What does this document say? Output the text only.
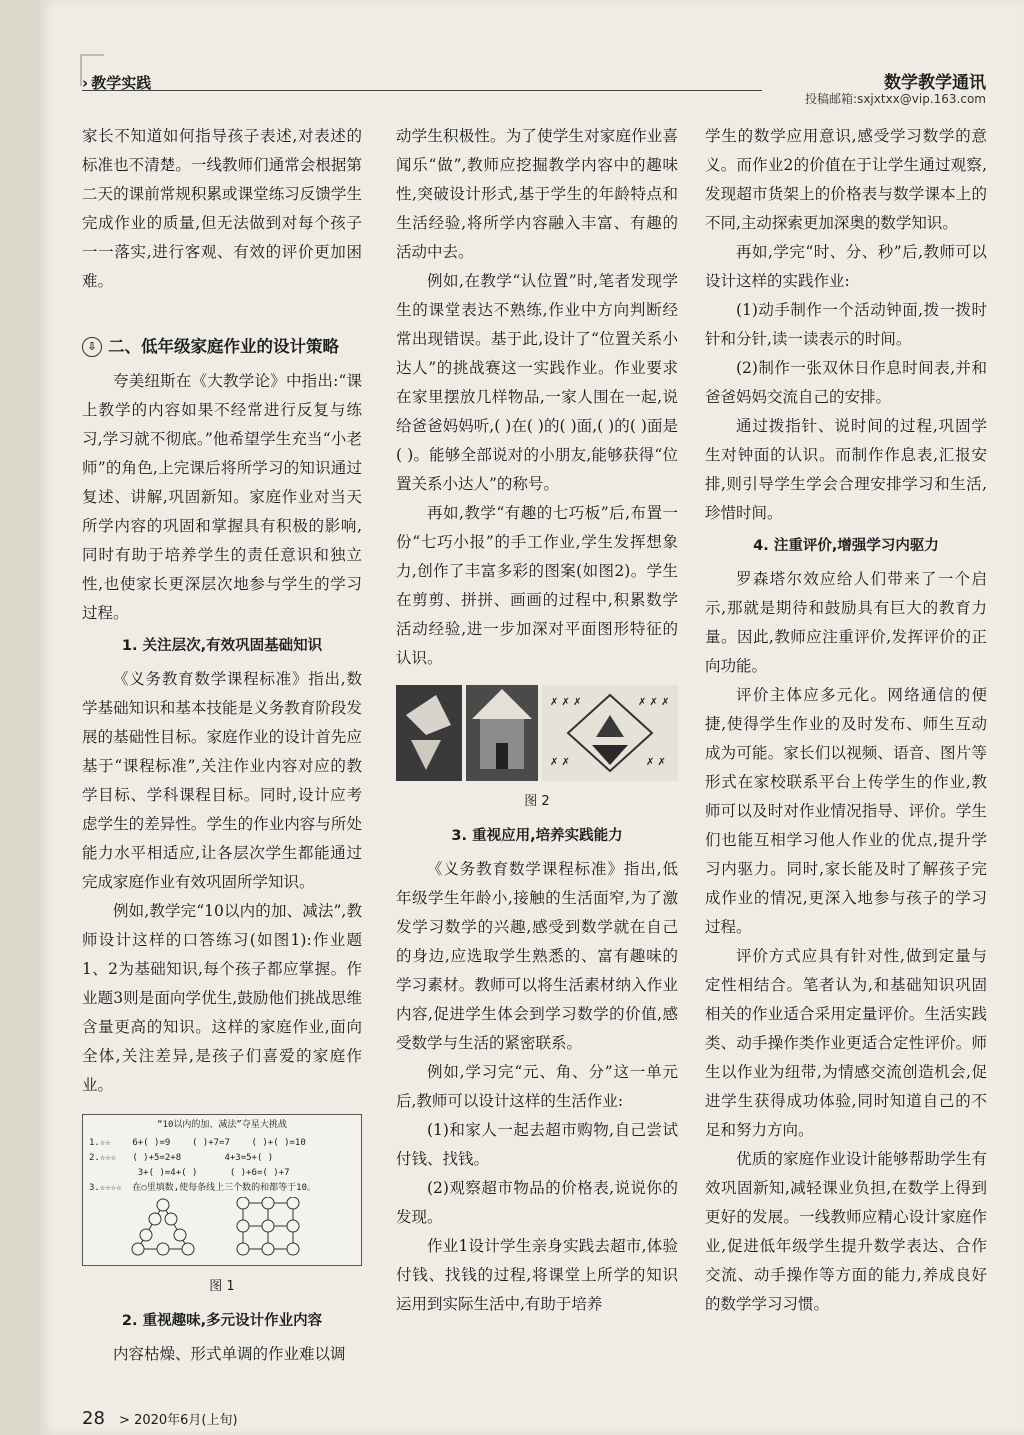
› 教学实践	数学教学通讯
投稿邮箱:sxjxtxx@vip.163.com

家长不知道如何指导孩子表述,对表述的标准也不清楚。一线教师们通常会根据第二天的课前常规积累或课堂练习反馈学生完成作业的质量,但无法做到对每个孩子一一落实,进行客观、有效的评价更加困难。

⇩ 二、低年级家庭作业的设计策略

夸美纽斯在《大教学论》中指出:“课上教学的内容如果不经常进行反复与练习,学习就不彻底。”他希望学生充当“小老师”的角色,上完课后将所学习的知识通过复述、讲解,巩固新知。家庭作业对当天所学内容的巩固和掌握具有积极的影响,同时有助于培养学生的责任意识和独立性,也使家长更深层次地参与学生的学习过程。

1. 关注层次,有效巩固基础知识

《义务教育数学课程标准》指出,数学基础知识和基本技能是义务教育阶段发展的基础性目标。家庭作业的设计首先应基于“课程标准”,关注作业内容对应的教学目标、学科课程目标。同时,设计应考虑学生的差异性。学生的作业内容与所处能力水平相适应,让各层次学生都能通过完成家庭作业有效巩固所学知识。

例如,教学完“10以内的加、减法”,教师设计这样的口答练习(如图1):作业题1、2为基础知识,每个孩子都应掌握。作业题3则是面向学优生,鼓励他们挑战思维含量更高的知识。这样的家庭作业,面向全体,关注差异,是孩子们喜爱的家庭作业。

“10以内的加、减法”夺星大挑战
1.☆☆    6+( )=9    ( )+7=7    ( )+( )=10
2.☆☆☆   ( )+5=2+8        4+3=5+( )
3+( )=4+( )      ( )+6=( )+7
3.☆☆☆☆  在○里填数,使每条线上三个数的和都等于10。
图 1
2. 重视趣味,多元设计作业内容

内容枯燥、形式单调的作业难以调

动学生积极性。为了使学生对家庭作业喜闻乐“做”,教师应挖掘教学内容中的趣味性,突破设计形式,基于学生的年龄特点和生活经验,将所学内容融入丰富、有趣的活动中去。

例如,在教学“认位置”时,笔者发现学生的课堂表达不熟练,作业中方向判断经常出现错误。基于此,设计了“位置关系小达人”的挑战赛这一实践作业。作业要求在家里摆放几样物品,一家人围在一起,说给爸爸妈妈听,( )在( )的( )面,( )的( )面是( )。能够全部说对的小朋友,能够获得“位置关系小达人”的称号。

再如,教学“有趣的七巧板”后,布置一份“七巧小报”的手工作业,学生发挥想象力,创作了丰富多彩的图案(如图2)。学生在剪剪、拼拼、画画的过程中,积累数学活动经验,进一步加深对平面图形特征的认识。

✗ ✗ ✗	✗ ✗ ✗
✗ ✗	✗ ✗
图 2
3. 重视应用,培养实践能力

《义务教育数学课程标准》指出,低年级学生年龄小,接触的生活面窄,为了激发学习数学的兴趣,感受到数学就在自己的身边,应选取学生熟悉的、富有趣味的学习素材。教师可以将生活素材纳入作业内容,促进学生体会到学习数学的价值,感受数学与生活的紧密联系。

例如,学习完“元、角、分”这一单元后,教师可以设计这样的生活作业:

(1)和家人一起去超市购物,自己尝试付钱、找钱。

(2)观察超市物品的价格表,说说你的发现。

作业1设计学生亲身实践去超市,体验付钱、找钱的过程,将课堂上所学的知识运用到实际生活中,有助于培养

学生的数学应用意识,感受学习数学的意义。而作业2的价值在于让学生通过观察,发现超市货架上的价格表与数学课本上的不同,主动探索更加深奥的数学知识。

再如,学完“时、分、秒”后,教师可以设计这样的实践作业:

(1)动手制作一个活动钟面,拨一拨时针和分针,读一读表示的时间。

(2)制作一张双休日作息时间表,并和爸爸妈妈交流自己的安排。

通过拨指针、说时间的过程,巩固学生对钟面的认识。而制作作息表,汇报安排,则引导学生学会合理安排学习和生活,珍惜时间。

4. 注重评价,增强学习内驱力

罗森塔尔效应给人们带来了一个启示,那就是期待和鼓励具有巨大的教育力量。因此,教师应注重评价,发挥评价的正向功能。

评价主体应多元化。网络通信的便捷,使得学生作业的及时发布、师生互动成为可能。家长们以视频、语音、图片等形式在家校联系平台上传学生的作业,教师可以及时对作业情况指导、评价。学生们也能互相学习他人作业的优点,提升学习内驱力。同时,家长能及时了解孩子完成作业的情况,更深入地参与孩子的学习过程。

评价方式应具有针对性,做到定量与定性相结合。笔者认为,和基础知识巩固相关的作业适合采用定量评价。生活实践类、动手操作类作业更适合定性评价。师生以作业为纽带,为情感交流创造机会,促进学生获得成功体验,同时知道自己的不足和努力方向。

优质的家庭作业设计能够帮助学生有效巩固新知,减轻课业负担,在数学上得到更好的发展。一线教师应精心设计家庭作业,促进低年级学生提升数学表达、合作交流、动手操作等方面的能力,养成良好的数学学习习惯。

28 > 2020年6月(上旬)
